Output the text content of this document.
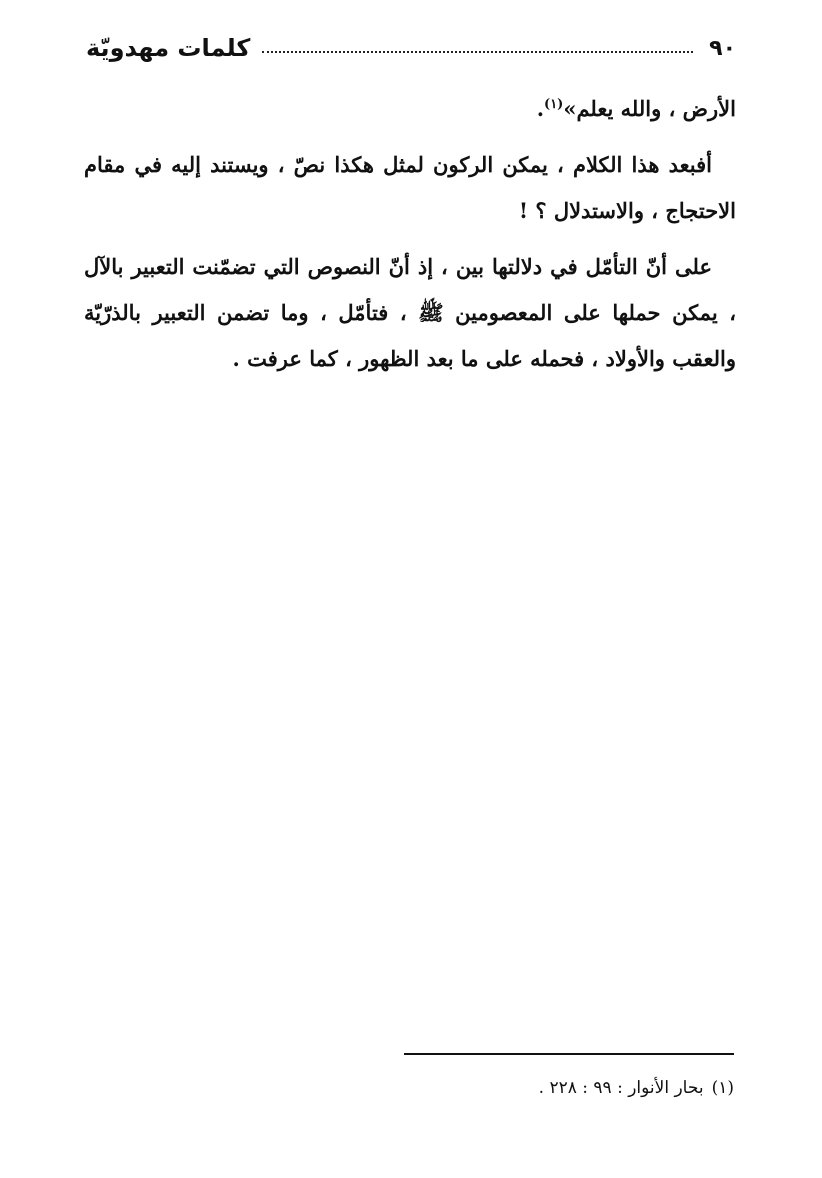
٩٠
كلمات مهدويّة

الأرض ، والله يعلم»$^{(١)}$.

أفبعد هذا الكلام ، يمكن الركون لمثل هكذا نصّ ، ويستند إليه في مقام الاحتجاج ، والاستدلال ؟ !

على أنّ التأمّل في دلالتها بين ، إذ أنّ النصوص التي تضمّنت التعبير بالآل ، يمكن حملها على المعصومين ﷺ ، فتأمّل ، وما تضمن التعبير بالذرّيّة والعقب والأولاد ، فحمله على ما بعد الظهور ، كما عرفت .

(١)بحار الأنوار : ٩٩ : ٢٢٨ .
